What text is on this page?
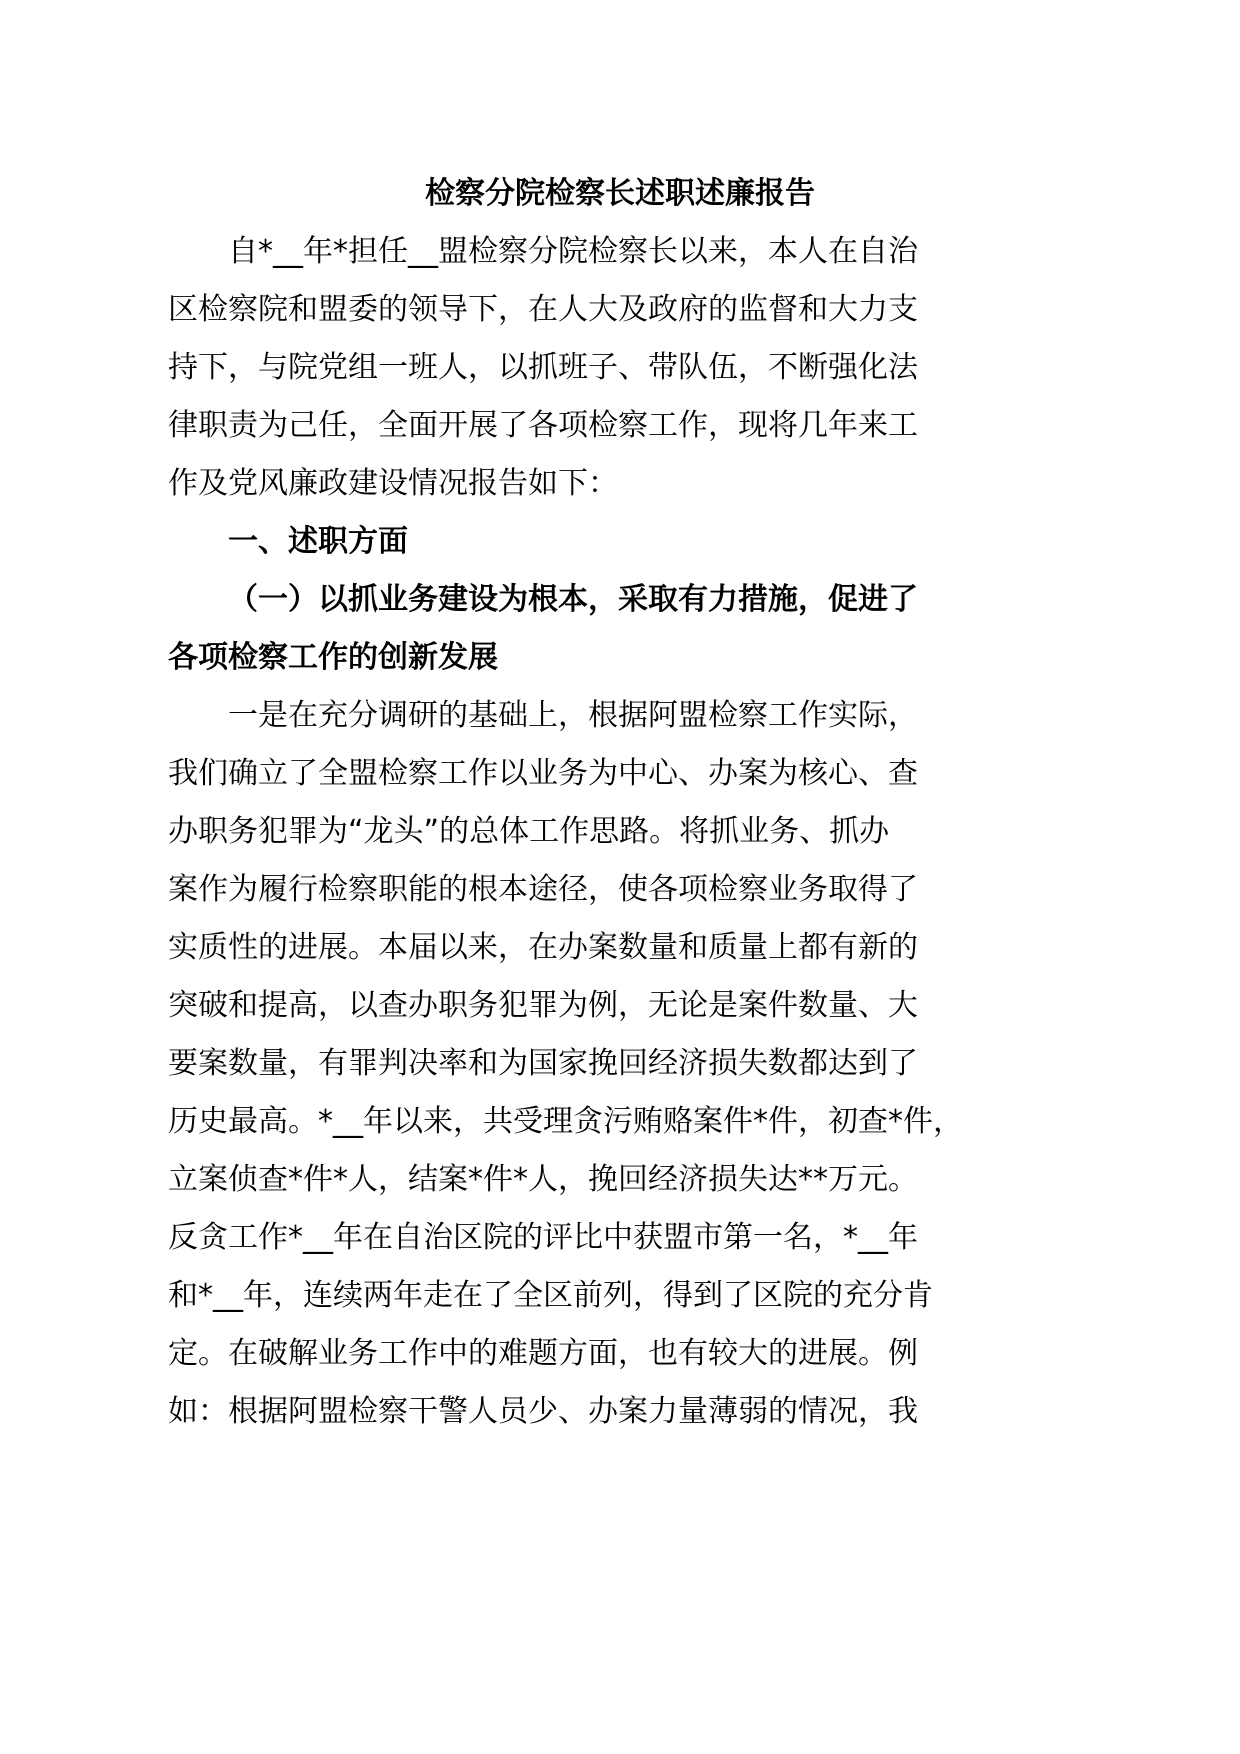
检察分院检察长述职述廉报告
自*__年*担任__盟检察分院检察长以来，本人在自治
区检察院和盟委的领导下，在人大及政府的监督和大力支
持下，与院党组一班人，以抓班子、带队伍，不断强化法
律职责为己任，全面开展了各项检察工作，现将几年来工
作及党风廉政建设情况报告如下：
一、述职方面
（一）以抓业务建设为根本，采取有力措施，促进了
各项检察工作的创新发展
一是在充分调研的基础上，根据阿盟检察工作实际，
我们确立了全盟检察工作以业务为中心、办案为核心、查
办职务犯罪为“龙头”的总体工作思路。将抓业务、抓办
案作为履行检察职能的根本途径，使各项检察业务取得了
实质性的进展。本届以来，在办案数量和质量上都有新的
突破和提高，以查办职务犯罪为例，无论是案件数量、大
要案数量，有罪判决率和为国家挽回经济损失数都达到了
历史最高。*__年以来，共受理贪污贿赂案件*件，初查*件，
立案侦查*件*人，结案*件*人，挽回经济损失达**万元。
反贪工作*__年在自治区院的评比中获盟市第一名，*__年
和*__年，连续两年走在了全区前列，得到了区院的充分肯
定。在破解业务工作中的难题方面，也有较大的进展。例
如：根据阿盟检察干警人员少、办案力量薄弱的情况，我
